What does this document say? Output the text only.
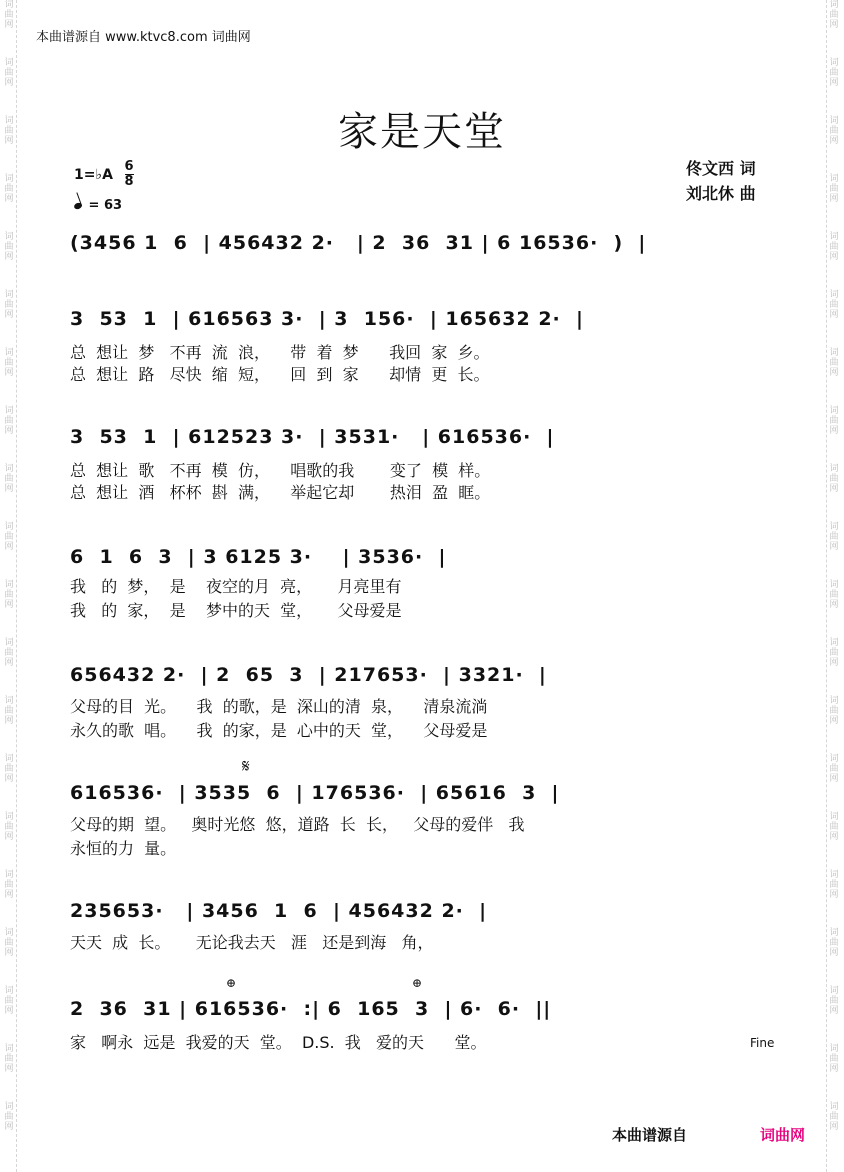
词曲网
词曲网
词曲网
词曲网
词曲网
词曲网
词曲网
词曲网
词曲网
词曲网
词曲网
词曲网
词曲网
词曲网
词曲网
词曲网
词曲网
词曲网
词曲网
词曲网
词曲网
词曲网
词曲网
词曲网
词曲网
词曲网
词曲网
词曲网
词曲网
词曲网
词曲网
词曲网
词曲网
词曲网
词曲网
词曲网
词曲网
词曲网
词曲网
词曲网
本曲谱源自 www.ktvc8.com 词曲网
家是天堂
1=♭A $\frac{6}{8}$
= 63
佟文西 词
刘北休 曲
(3456 1  6  | 456432 2·   | 2  36  31 | 6 16536·  )  |
3  53  1  | 616563 3·  | 3  156·  | 165632 2·  |
总  想让  梦   不再  流  浪，    带  着  梦      我回  家  乡。
总  想让  路   尽快  缩  短，    回  到  家      却情  更  长。
3  53  1  | 612523 3·  | 3531·   | 616536·  |
总  想让  歌   不再  模  仿，    唱歌的我       变了  模  样。
总  想让  酒   杯杯  斟  满，    举起它却       热泪  盈  眶。
6  1  6  3  | 3 6125 3·    | 3536·  |
我   的  梦，  是    夜空的月  亮，     月亮里有
我   的  家，  是    梦中的天  堂，     父母爱是
656432 2·  | 2  65  3  | 217653·  | 3321·  |
父母的目  光。    我  的歌，是  深山的清  泉，    清泉流淌
永久的歌  唱。    我  的家，是  心中的天  堂，    父母爱是
𝄋
616536·  | 3535  6  | 176536·  | 65616  3  |
父母的期  望。   奥时光悠  悠，道路  长  长，   父母的爱伴   我
永恒的力  量。
235653·   | 3456  1  6  | 456432 2·  |
天天  成  长。     无论我去天   涯   还是到海   角，
⊕	⊕
2  36  31 | 616536·  :| 6  165  3  | 6·  6·  ||
家   啊永  远是  我爱的天  堂。  D.S.  我   爱的天      堂。	Fine
本曲谱源自	词曲网
